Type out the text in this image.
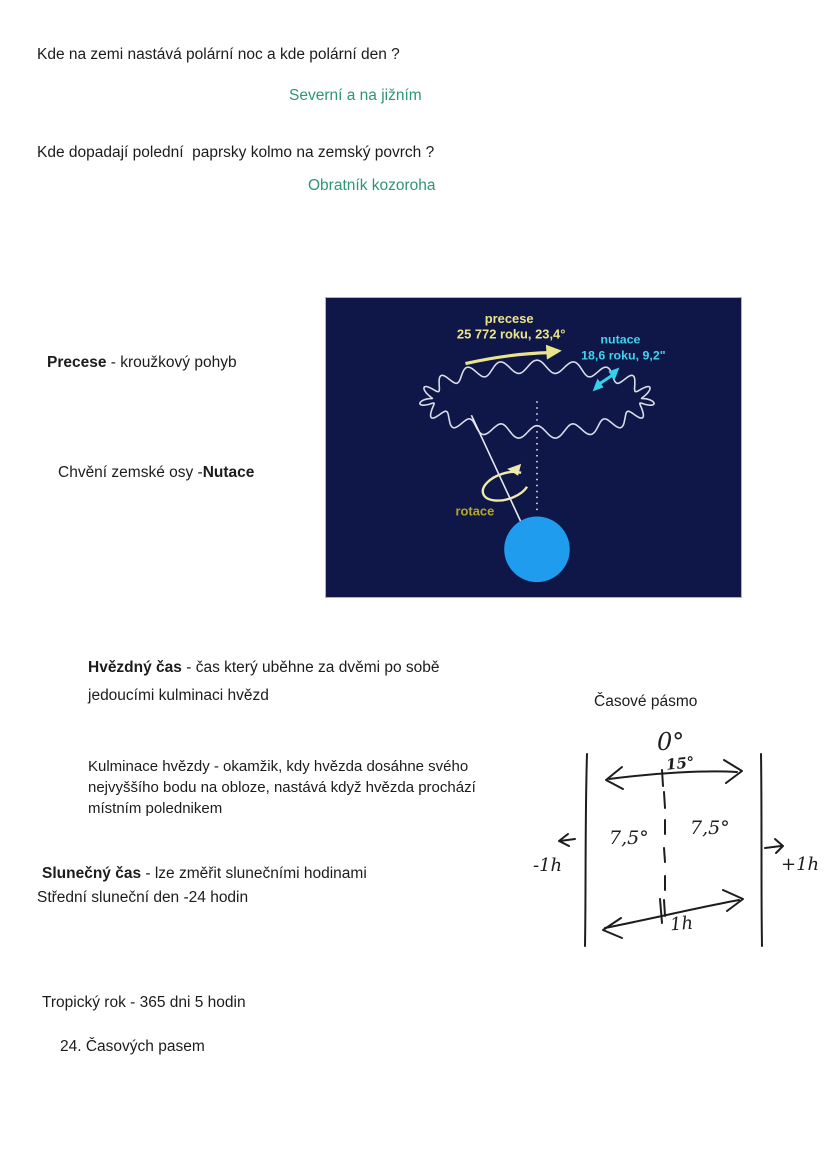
Kde na zemi nastává polární noc a kde polární den ?
Severní a na jižním
Kde dopadají polední  paprsky kolmo na zemský povrch ?
Obratník kozoroha
Precese - kroužkový pohyb
Chvění zemské osy -Nutace
precese
25 772 roku, 23,4°	nutace
18,6 roku, 9,2"
rotace
Hvězdný čas - čas který uběhne za dvěmi po sobě
jedoucími kulminaci hvězd	Časové pásmo
Kulminace hvězdy - okamžik, kdy hvězda dosáhne svého
nejvyššího bodu na obloze, nastává když hvězda prochází
místním polednikem
Slunečný čas - lze změřit slunečními hodinami
Střední sluneční den -24 hodin
0°
15°
7,5° 7,5°
-1h	+1h
1h
Tropický rok - 365 dni 5 hodin
24. Časových pasem
